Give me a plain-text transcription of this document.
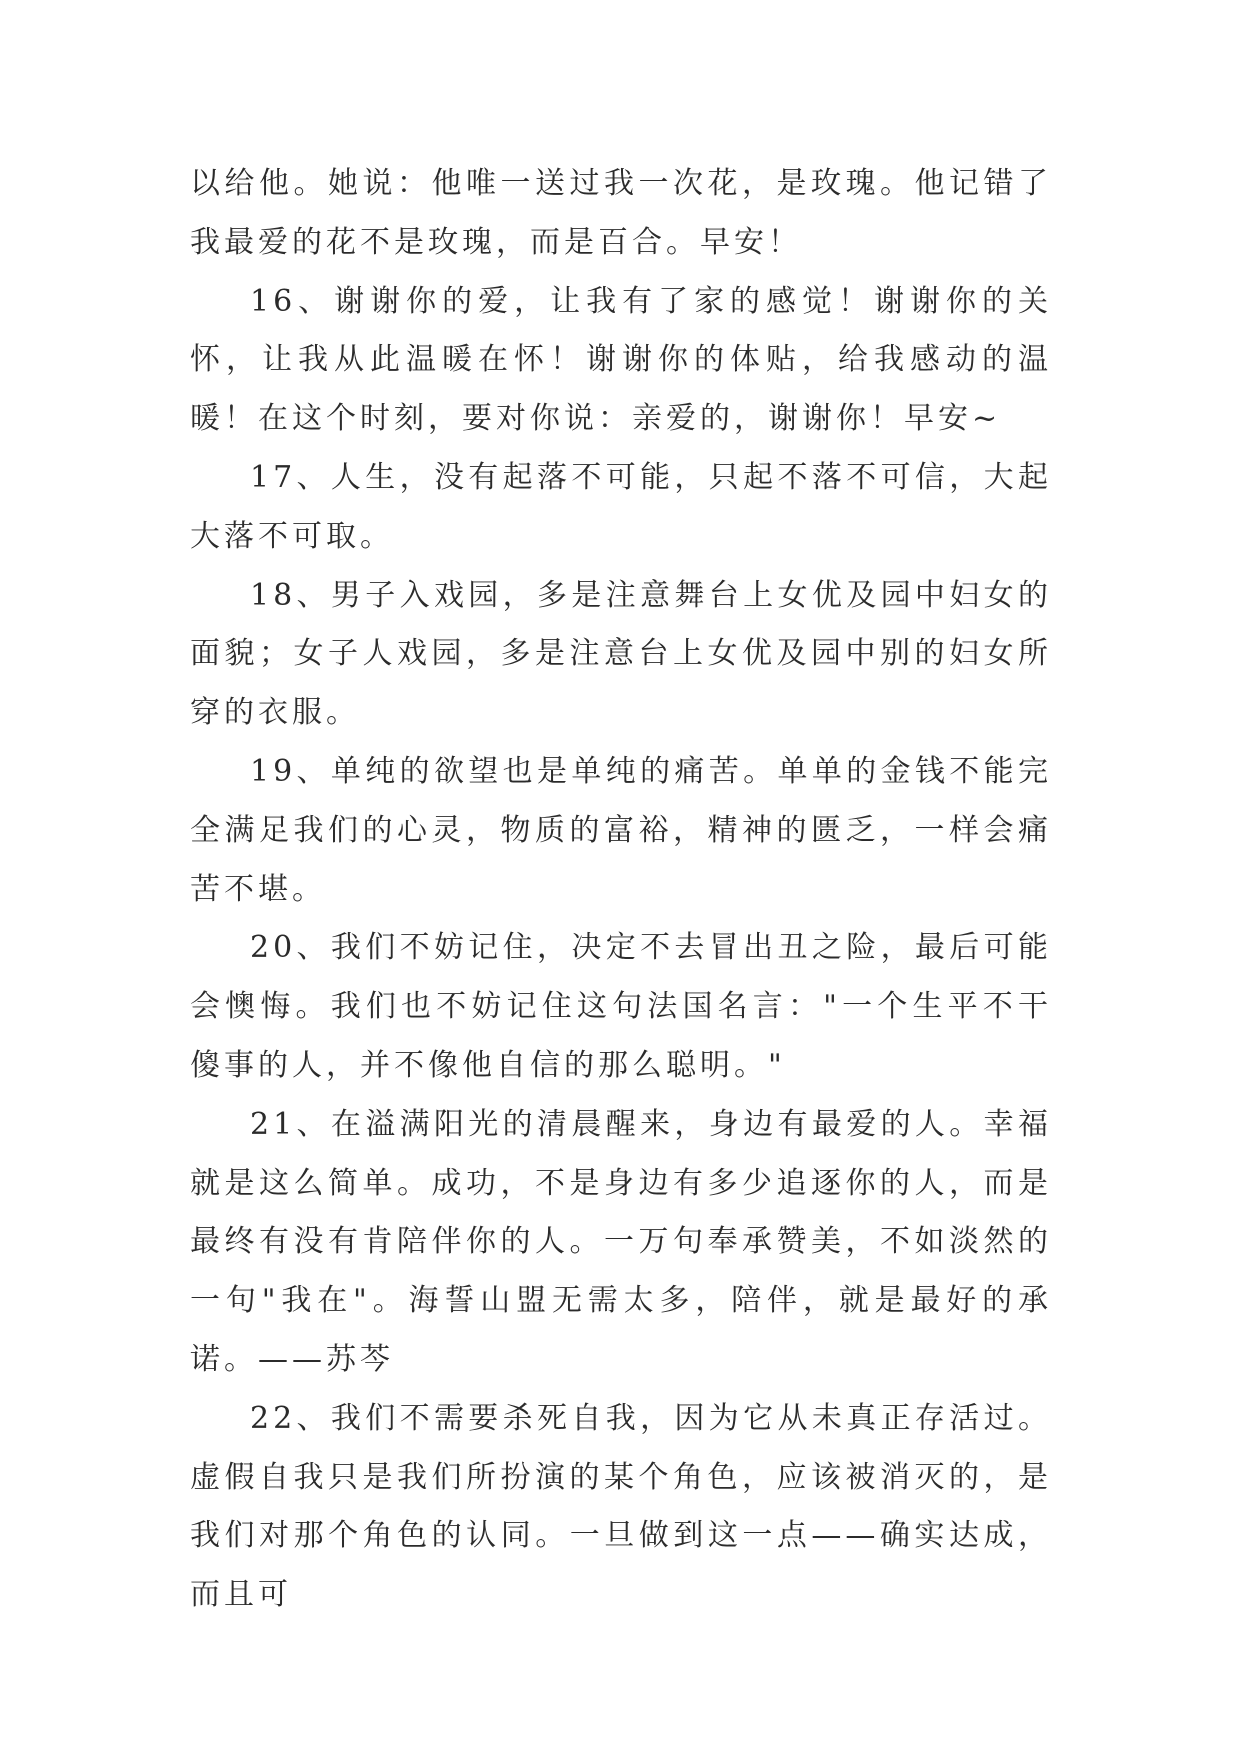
以给他。她说：他唯一送过我一次花，是玫瑰。他记错了我最爱的花不是玫瑰，而是百合。早安！

16、谢谢你的爱，让我有了家的感觉！谢谢你的关怀，让我从此温暖在怀！谢谢你的体贴，给我感动的温暖！在这个时刻，要对你说：亲爱的，谢谢你！早安~

17、人生，没有起落不可能，只起不落不可信，大起大落不可取。

18、男子入戏园，多是注意舞台上女优及园中妇女的面貌；女子人戏园，多是注意台上女优及园中别的妇女所穿的衣服。

19、单纯的欲望也是单纯的痛苦。单单的金钱不能完全满足我们的心灵，物质的富裕，精神的匮乏，一样会痛苦不堪。

20、我们不妨记住，决定不去冒出丑之险，最后可能会懊悔。我们也不妨记住这句法国名言："一个生平不干傻事的人，并不像他自信的那么聪明。"

21、在溢满阳光的清晨醒来，身边有最爱的人。幸福就是这么简单。成功，不是身边有多少追逐你的人，而是最终有没有肯陪伴你的人。一万句奉承赞美，不如淡然的一句"我在"。海誓山盟无需太多，陪伴，就是最好的承诺。——苏芩

22、我们不需要杀死自我，因为它从未真正存活过。虚假自我只是我们所扮演的某个角色，应该被消灭的，是我们对那个角色的认同。一旦做到这一点——确实达成，而且可
